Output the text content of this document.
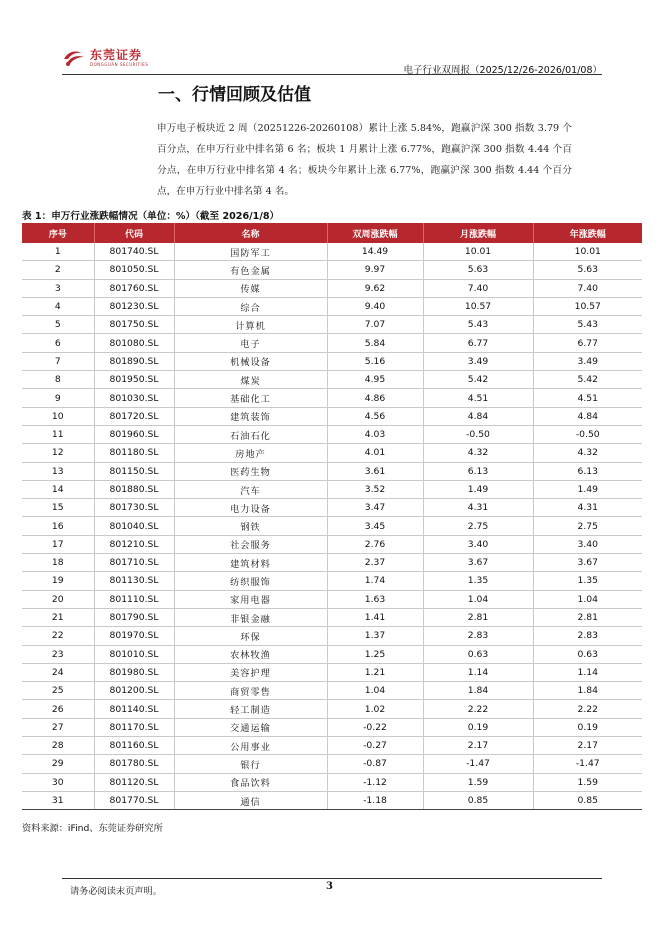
东莞证券
DONGGUAN SECURITIES
电子行业双周报（2025/12/26-2026/01/08）
一、行情回顾及估值
申万电子板块近 2 周（20251226-20260108）累计上涨 5.84%，跑赢沪深 300 指数 3.79 个百分点，在申万行业中排名第 6 名；板块 1 月累计上涨 6.77%，跑赢沪深 300 指数 4.44 个百分点，在申万行业中排名第 4 名；板块今年累计上涨 6.77%，跑赢沪深 300 指数 4.44 个百分点，在申万行业中排名第 4 名。
表 1：申万行业涨跌幅情况（单位：%）（截至 2026/1/8）
序号	代码	名称	双周涨跌幅	月涨跌幅	年涨跌幅
1	801740.SL	国防军工	14.49	10.01	10.01
2	801050.SL	有色金属	9.97	5.63	5.63
3	801760.SL	传媒	9.62	7.40	7.40
4	801230.SL	综合	9.40	10.57	10.57
5	801750.SL	计算机	7.07	5.43	5.43
6	801080.SL	电子	5.84	6.77	6.77
7	801890.SL	机械设备	5.16	3.49	3.49
8	801950.SL	煤炭	4.95	5.42	5.42
9	801030.SL	基础化工	4.86	4.51	4.51
10	801720.SL	建筑装饰	4.56	4.84	4.84
11	801960.SL	石油石化	4.03	-0.50	-0.50
12	801180.SL	房地产	4.01	4.32	4.32
13	801150.SL	医药生物	3.61	6.13	6.13
14	801880.SL	汽车	3.52	1.49	1.49
15	801730.SL	电力设备	3.47	4.31	4.31
16	801040.SL	钢铁	3.45	2.75	2.75
17	801210.SL	社会服务	2.76	3.40	3.40
18	801710.SL	建筑材料	2.37	3.67	3.67
19	801130.SL	纺织服饰	1.74	1.35	1.35
20	801110.SL	家用电器	1.63	1.04	1.04
21	801790.SL	非银金融	1.41	2.81	2.81
22	801970.SL	环保	1.37	2.83	2.83
23	801010.SL	农林牧渔	1.25	0.63	0.63
24	801980.SL	美容护理	1.21	1.14	1.14
25	801200.SL	商贸零售	1.04	1.84	1.84
26	801140.SL	轻工制造	1.02	2.22	2.22
27	801170.SL	交通运输	-0.22	0.19	0.19
28	801160.SL	公用事业	-0.27	2.17	2.17
29	801780.SL	银行	-0.87	-1.47	-1.47
30	801120.SL	食品饮料	-1.12	1.59	1.59
31	801770.SL	通信	-1.18	0.85	0.85
资料来源：iFind、东莞证券研究所
请务必阅读末页声明。	3
